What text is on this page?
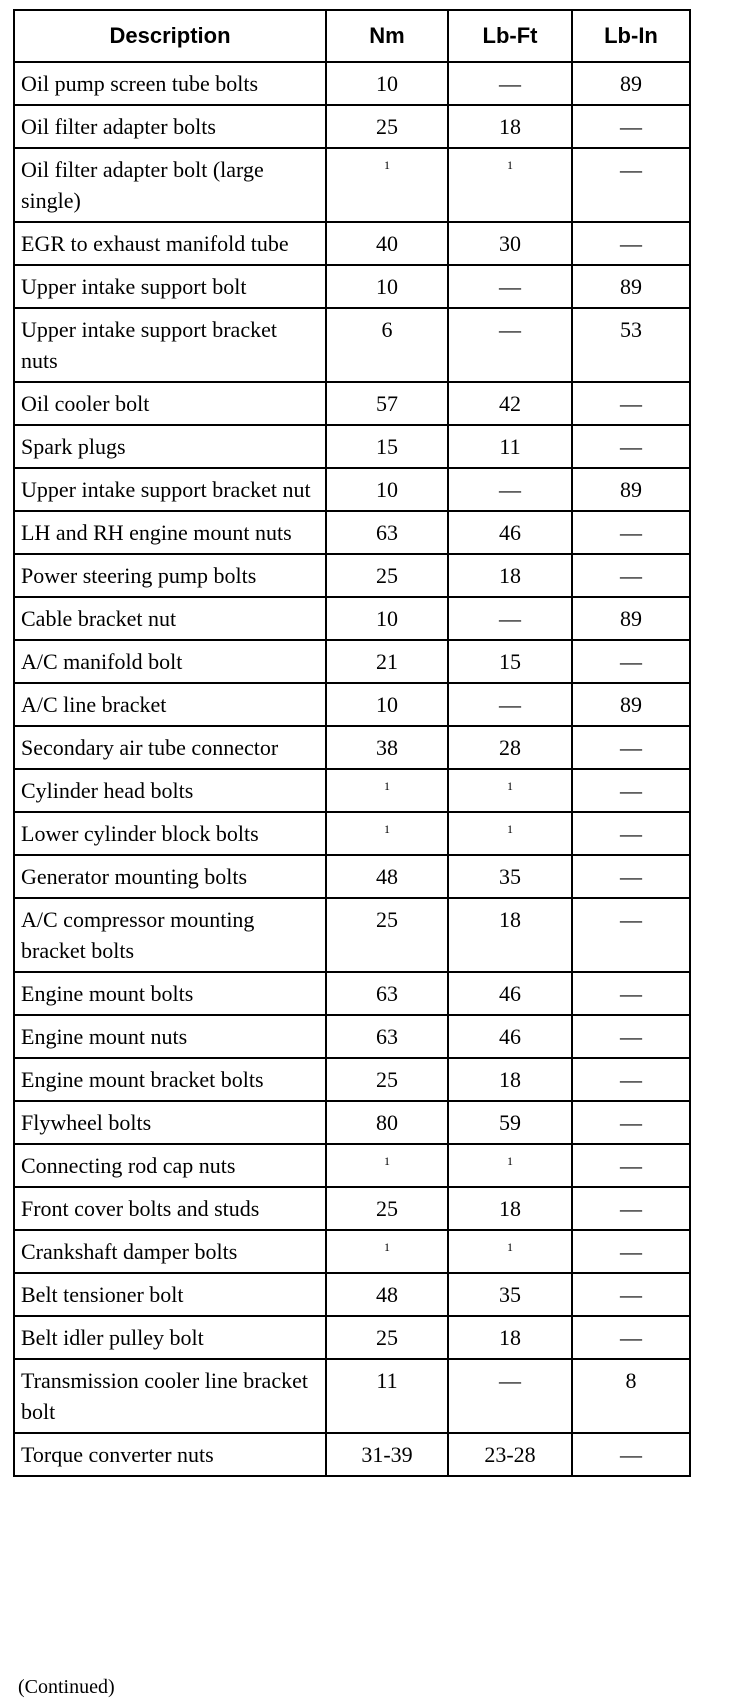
Description	Nm	Lb-Ft	Lb-In
Oil pump screen tube bolts	10	—	89
Oil filter adapter bolts	25	18	—
Oil filter adapter bolt (large single)	$^1$	$^1$	—
EGR to exhaust manifold tube	40	30	—
Upper intake support bolt	10	—	89
Upper intake support bracket nuts	6	—	53
Oil cooler bolt	57	42	—
Spark plugs	15	11	—
Upper intake support bracket nut	10	—	89
LH and RH engine mount nuts	63	46	—
Power steering pump bolts	25	18	—
Cable bracket nut	10	—	89
A/C manifold bolt	21	15	—
A/C line bracket	10	—	89
Secondary air tube connector	38	28	—
Cylinder head bolts	$^1$	$^1$	—
Lower cylinder block bolts	$^1$	$^1$	—
Generator mounting bolts	48	35	—
A/C compressor mounting bracket bolts	25	18	—
Engine mount bolts	63	46	—
Engine mount nuts	63	46	—
Engine mount bracket bolts	25	18	—
Flywheel bolts	80	59	—
Connecting rod cap nuts	$^1$	$^1$	—
Front cover bolts and studs	25	18	—
Crankshaft damper bolts	$^1$	$^1$	—
Belt tensioner bolt	48	35	—
Belt idler pulley bolt	25	18	—
Transmission cooler line bracket bolt	11	—	8
Torque converter nuts	31-39	23-28	—
(Continued)
